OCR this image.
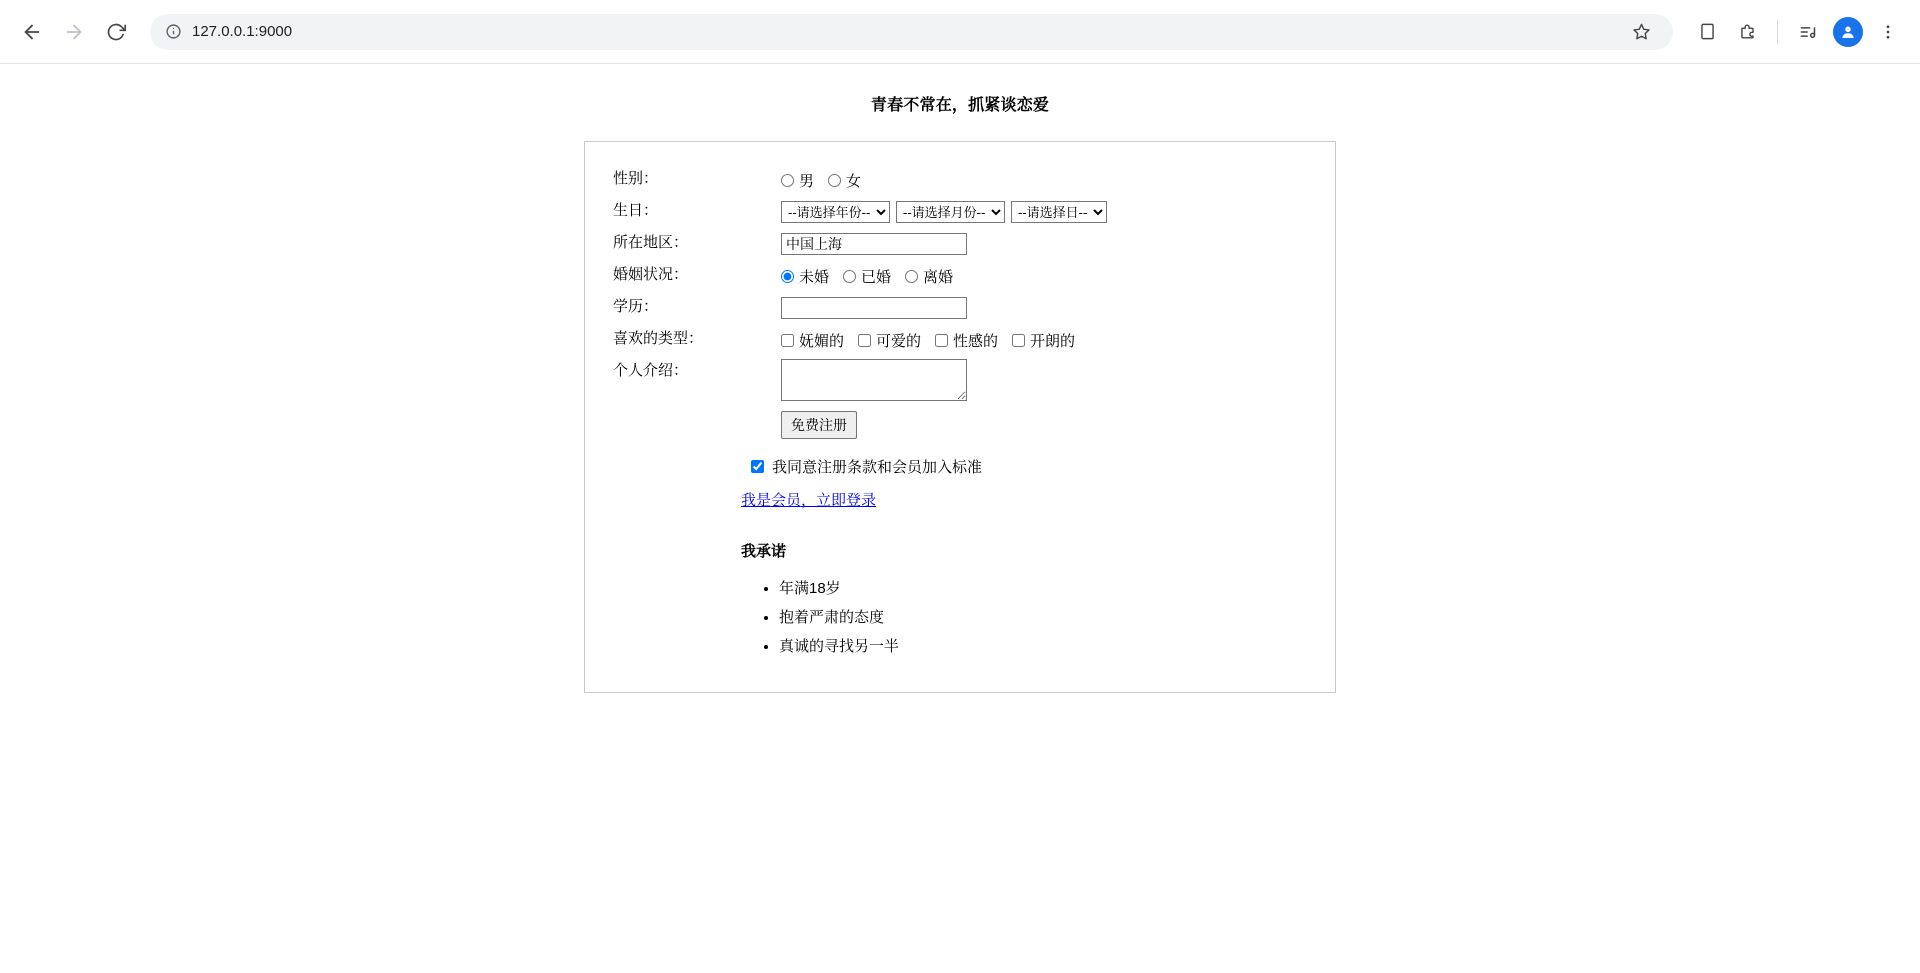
127.0.0.1:9000
青春不常在，抓紧谈恋爱
性别：	男 女

生日：	
--请选择年份--
--请选择月份--
--请选择日--

所在地区：	
中国上海

婚姻状况：	未婚 已婚 离婚

学历：	

喜欢的类型：	妩媚的 可爱的 性感的 开朗的

个人介绍：	
	免费注册
我同意注册条款和会员加入标准
我是会员，立即登录
我承诺
• 年满18岁
• 抱着严肃的态度
• 真诚的寻找另一半
